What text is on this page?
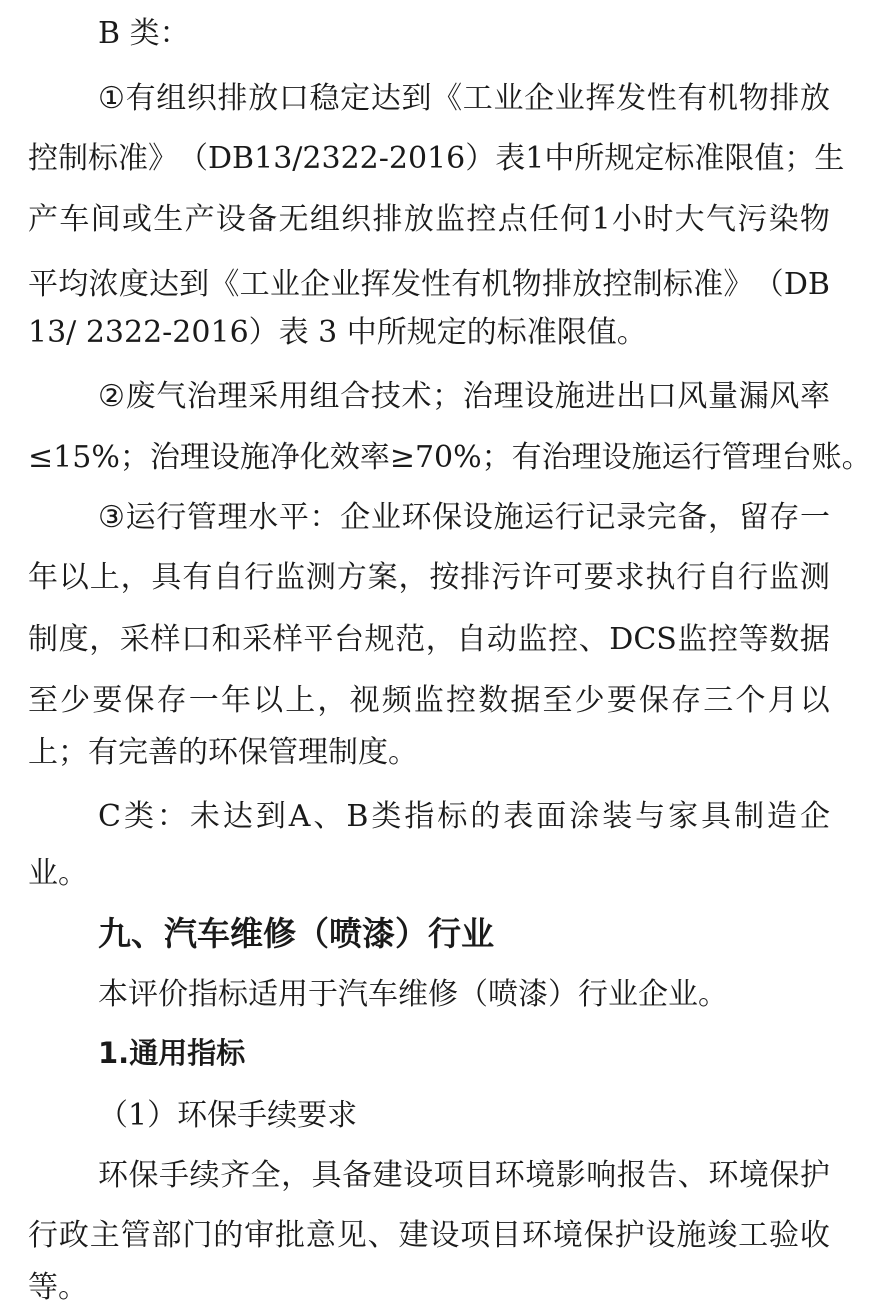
B 类：
① 有 组 织 排 放 口 稳 定 达 到 《 工 业 企 业 挥 发 性 有 机 物 排 放
控 制 标 准 》 （ DB 13/2322-2016 ） 表 1 中 所 规 定 标 准 限 值 ； 生
产 车 间 或 生 产 设 备 无 组 织 排 放 监 控 点 任 何 1 小 时 大 气 污 染 物
平 均 浓 度 达 到 《 工 业 企 业 挥 发 性 有 机 物 排 放 控 制 标 准 》 （ DB
13/ 2322-2016）表 3 中所规定的标准限值。
② 废 气 治 理 采 用 组 合 技 术 ； 治 理 设 施 进 出 口 风 量 漏 风 率
≤ 15% ； 治 理 设 施 净 化 效 率 ≥ 70% ； 有 治 理 设 施 运 行 管 理 台 账 。
③ 运 行 管 理 水 平 ： 企 业 环 保 设 施 运 行 记 录 完 备 ， 留 存 一
年 以 上 ， 具 有 自 行 监 测 方 案 ， 按 排 污 许 可 要 求 执 行 自 行 监 测
制 度 ， 采 样 口 和 采 样 平 台 规 范 ， 自 动 监 控 、 DCS 监 控 等 数 据
至 少 要 保 存 一 年 以 上 ， 视 频 监 控 数 据 至 少 要 保 存 三 个 月 以
上；有完善的环保管理制度。
C 类 ： 未 达 到 A 、 B 类 指 标 的 表 面 涂 装 与 家 具 制 造 企
业。
九、汽车维修（喷漆）行业
本评价指标适用于汽车维修（喷漆）行业企业。
1.通用指标
（1）环保手续要求
环 保 手 续 齐 全 ， 具 备 建 设 项 目 环 境 影 响 报 告 、 环 境 保 护
行 政 主 管 部 门 的 审 批 意 见 、 建 设 项 目 环 境 保 护 设 施 竣 工 验 收
等。
